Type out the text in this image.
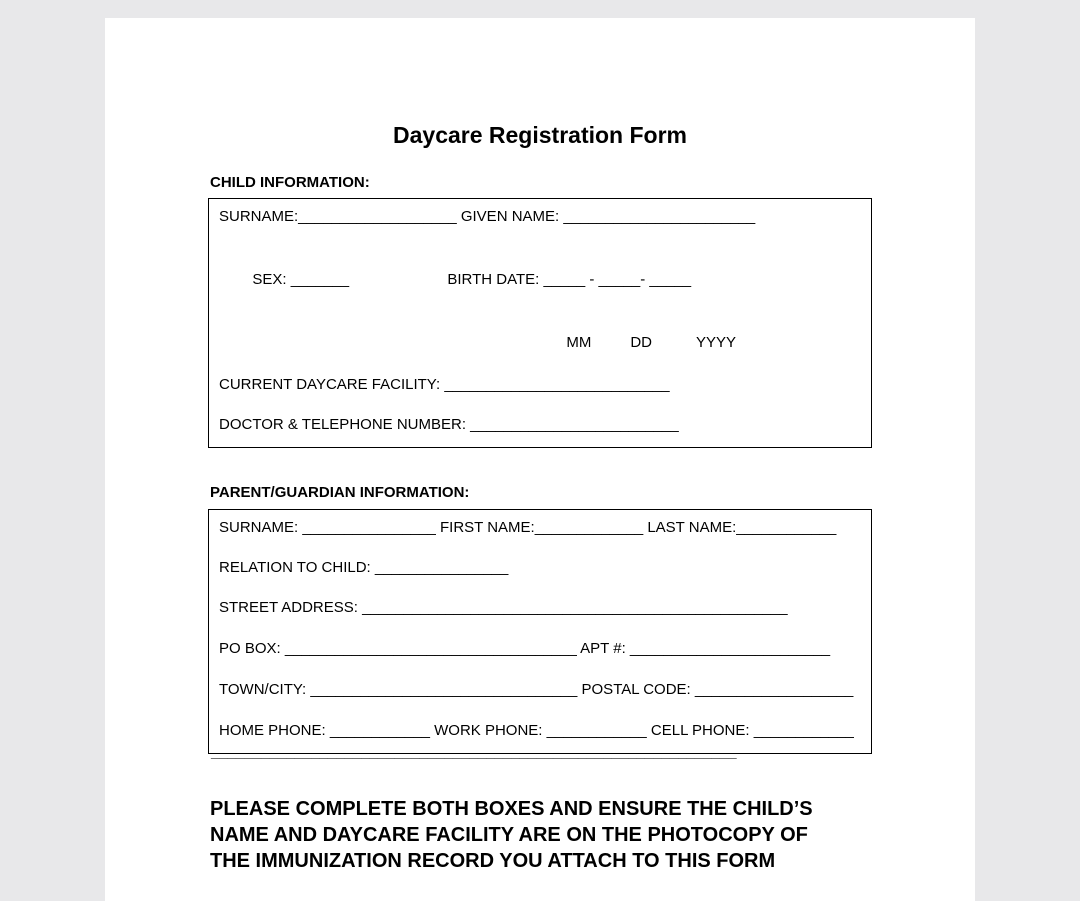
Daycare Registration Form
CHILD INFORMATION:
SURNAME:___________________ GIVEN NAME: _______________________

SEX: _______	BIRTH DATE: _____ - _____- _____

MM	DD	YYYY

CURRENT DAYCARE FACILITY: ___________________________
DOCTOR & TELEPHONE NUMBER: _________________________
PARENT/GUARDIAN INFORMATION:
SURNAME: ________________ FIRST NAME:_____________ LAST NAME:____________
RELATION TO CHILD: ________________
STREET ADDRESS: ___________________________________________________
PO BOX: ___________________________________ APT #: ________________________
TOWN/CITY: ________________________________ POSTAL CODE: ___________________
HOME PHONE: ____________ WORK PHONE: ____________ CELL PHONE: ____________
_______________________________________________________________
PLEASE COMPLETE BOTH BOXES AND ENSURE THE CHILD’S
NAME AND DAYCARE FACILITY ARE ON THE PHOTOCOPY OF
THE IMMUNIZATION RECORD YOU ATTACH TO THIS FORM
